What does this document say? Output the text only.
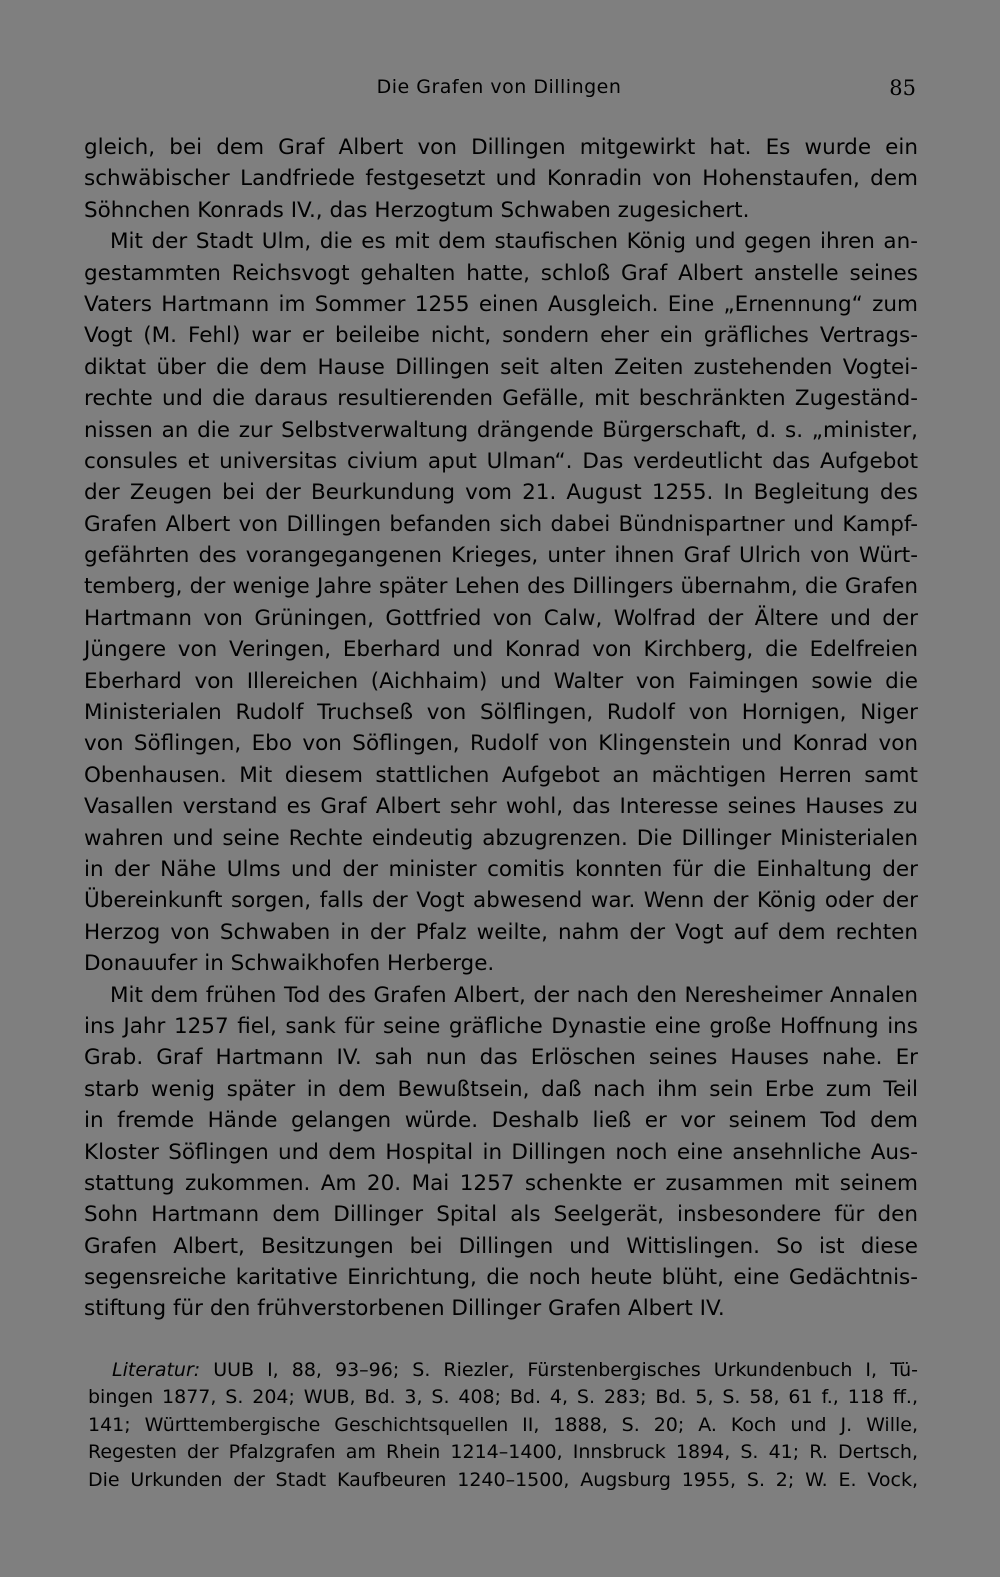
Die Grafen von Dillingen	85
gleich, bei dem Graf Albert von Dillingen mitgewirkt hat. Es wurde ein
schwäbischer Landfriede festgesetzt und Konradin von Hohenstaufen, dem
Söhnchen Konrads IV., das Herzogtum Schwaben zugesichert.
Mit der Stadt Ulm, die es mit dem staufischen König und gegen ihren an-
gestammten Reichsvogt gehalten hatte, schloß Graf Albert anstelle seines
Vaters Hartmann im Sommer 1255 einen Ausgleich. Eine „Ernennung“ zum
Vogt (M. Fehl) war er beileibe nicht, sondern eher ein gräfliches Vertrags-
diktat über die dem Hause Dillingen seit alten Zeiten zustehenden Vogtei-
rechte und die daraus resultierenden Gefälle, mit beschränkten Zugeständ-
nissen an die zur Selbstverwaltung drängende Bürgerschaft, d. s. „minister,
consules et universitas civium aput Ulman“. Das verdeutlicht das Aufgebot
der Zeugen bei der Beurkundung vom 21. August 1255. In Begleitung des
Grafen Albert von Dillingen befanden sich dabei Bündnispartner und Kampf-
gefährten des vorangegangenen Krieges, unter ihnen Graf Ulrich von Würt-
temberg, der wenige Jahre später Lehen des Dillingers übernahm, die Grafen
Hartmann von Grüningen, Gottfried von Calw, Wolfrad der Ältere und der
Jüngere von Veringen, Eberhard und Konrad von Kirchberg, die Edelfreien
Eberhard von Illereichen (Aichhaim) und Walter von Faimingen sowie die
Ministerialen Rudolf Truchseß von Sölflingen, Rudolf von Hornigen, Niger
von Söflingen, Ebo von Söflingen, Rudolf von Klingenstein und Konrad von
Obenhausen. Mit diesem stattlichen Aufgebot an mächtigen Herren samt
Vasallen verstand es Graf Albert sehr wohl, das Interesse seines Hauses zu
wahren und seine Rechte eindeutig abzugrenzen. Die Dillinger Ministerialen
in der Nähe Ulms und der minister comitis konnten für die Einhaltung der
Übereinkunft sorgen, falls der Vogt abwesend war. Wenn der König oder der
Herzog von Schwaben in der Pfalz weilte, nahm der Vogt auf dem rechten
Donauufer in Schwaikhofen Herberge.
Mit dem frühen Tod des Grafen Albert, der nach den Neresheimer Annalen
ins Jahr 1257 fiel, sank für seine gräfliche Dynastie eine große Hoffnung ins
Grab. Graf Hartmann IV. sah nun das Erlöschen seines Hauses nahe. Er
starb wenig später in dem Bewußtsein, daß nach ihm sein Erbe zum Teil
in fremde Hände gelangen würde. Deshalb ließ er vor seinem Tod dem
Kloster Söflingen und dem Hospital in Dillingen noch eine ansehnliche Aus-
stattung zukommen. Am 20. Mai 1257 schenkte er zusammen mit seinem
Sohn Hartmann dem Dillinger Spital als Seelgerät, insbesondere für den
Grafen Albert, Besitzungen bei Dillingen und Wittislingen. So ist diese
segensreiche karitative Einrichtung, die noch heute blüht, eine Gedächtnis-
stiftung für den frühverstorbenen Dillinger Grafen Albert IV.
Literatur: UUB I, 88, 93–96; S. Riezler, Fürstenbergisches Urkundenbuch I, Tü-
bingen 1877, S. 204; WUB, Bd. 3, S. 408; Bd. 4, S. 283; Bd. 5, S. 58, 61 f., 118 ff.,
141; Württembergische Geschichtsquellen II, 1888, S. 20; A. Koch und J. Wille,
Regesten der Pfalzgrafen am Rhein 1214–1400, Innsbruck 1894, S. 41; R. Dertsch,
Die Urkunden der Stadt Kaufbeuren 1240–1500, Augsburg 1955, S. 2; W. E. Vock,
